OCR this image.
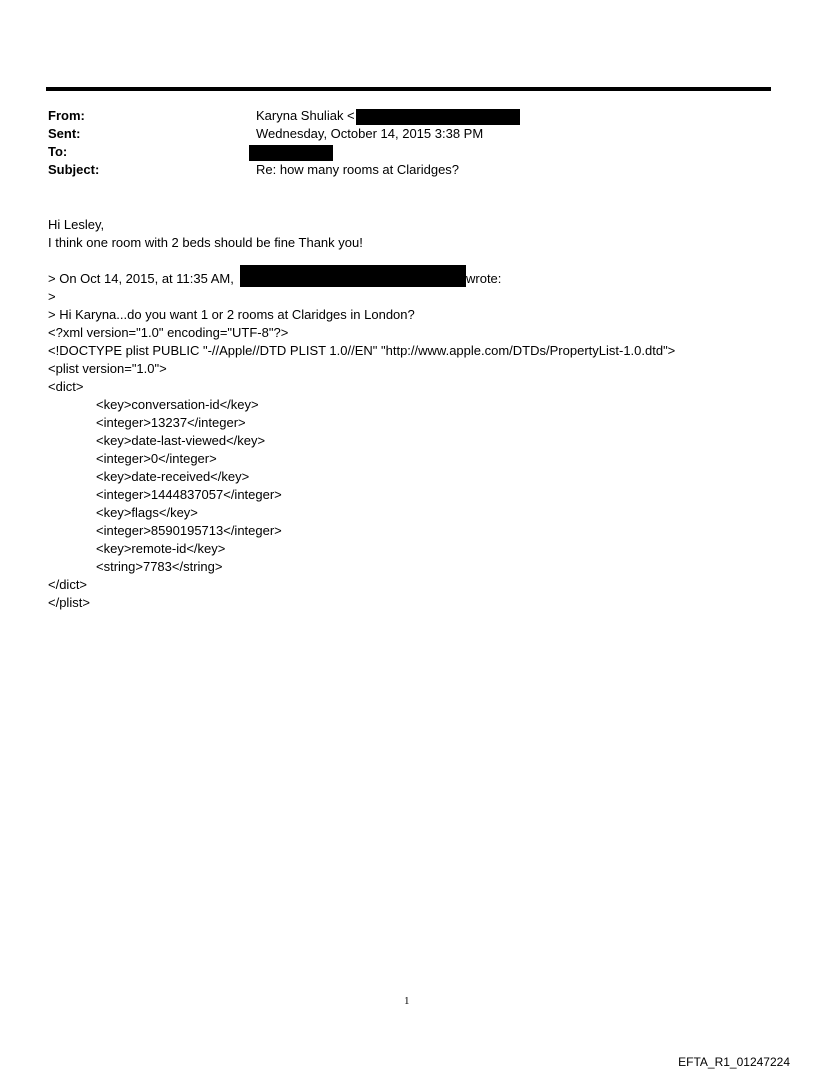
From:	Karyna Shuliak <
Sent:	Wednesday, October 14, 2015 3:38 PM
To:
Subject:	Re: how many rooms at Claridges?
Hi Lesley,
I think one room with 2 beds should be fine Thank you!
> On Oct 14, 2015, at 11:35 AM,	wrote:
>
> Hi Karyna...do you want 1 or 2 rooms at Claridges in London?
<?xml version="1.0" encoding="UTF-8"?>
<!DOCTYPE plist PUBLIC "-//Apple//DTD PLIST 1.0//EN" "http://www.apple.com/DTDs/PropertyList-1.0.dtd">
<plist version="1.0">
<dict>
<key>conversation-id</key>
<integer>13237</integer>
<key>date-last-viewed</key>
<integer>0</integer>
<key>date-received</key>
<integer>1444837057</integer>
<key>flags</key>
<integer>8590195713</integer>
<key>remote-id</key>
<string>7783</string>
</dict>
</plist>
1
EFTA_R1_01247224
